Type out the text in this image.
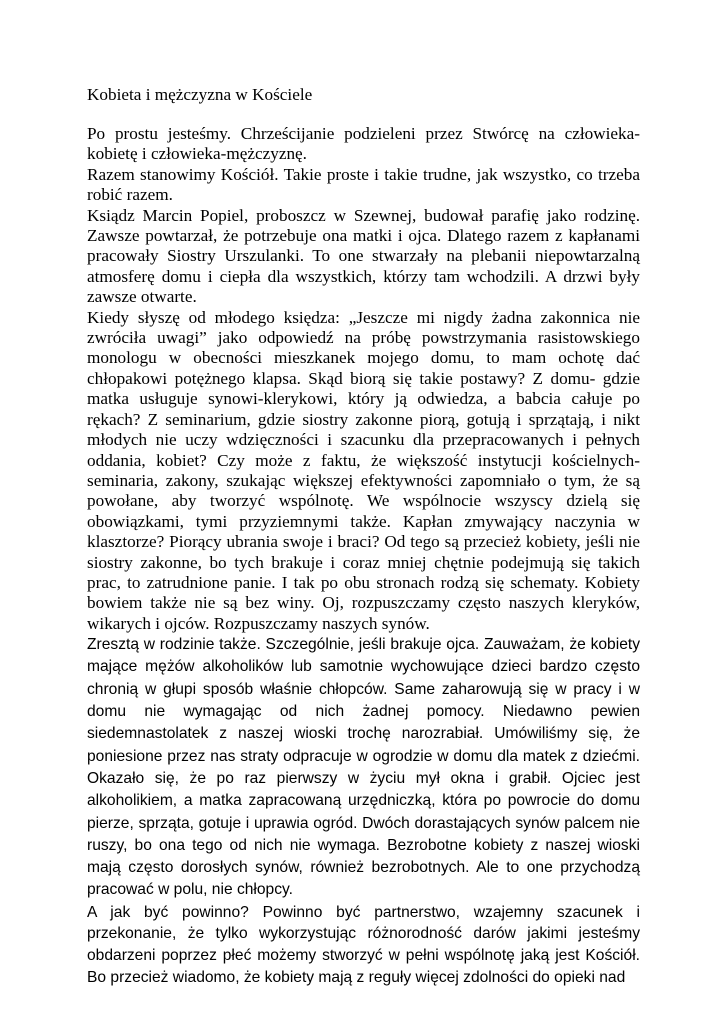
Kobieta i mężczyzna w Kościele

Po prostu jesteśmy. Chrześcijanie podzieleni przez Stwórcę na człowieka-kobietę i człowieka-mężczyznę.

Razem stanowimy Kościół. Takie proste i takie trudne, jak wszystko, co trzeba robić razem.

Ksiądz Marcin Popiel, proboszcz w Szewnej, budował parafię jako rodzinę. Zawsze powtarzał, że potrzebuje ona matki i ojca. Dlatego razem z kapłanami pracowały Siostry Urszulanki. To one stwarzały na plebanii niepowtarzalną atmosferę domu i ciepła dla wszystkich, którzy tam wchodzili. A drzwi były zawsze otwarte.

Kiedy słyszę od młodego księdza: „Jeszcze mi nigdy żadna zakonnica nie zwróciła uwagi” jako odpowiedź na próbę powstrzymania rasistowskiego monologu w obecności mieszkanek mojego domu, to mam ochotę dać chłopakowi potężnego klapsa. Skąd biorą się takie postawy? Z domu- gdzie matka usługuje synowi-klerykowi, który ją odwiedza, a babcia całuje po rękach? Z seminarium, gdzie siostry zakonne piorą, gotują i sprzątają, i nikt młodych nie uczy wdzięczności i szacunku dla przepracowanych i pełnych oddania, kobiet? Czy może z faktu, że większość instytucji kościelnych- seminaria, zakony, szukając większej efektywności zapomniało o tym, że są powołane, aby tworzyć wspólnotę. We wspólnocie wszyscy dzielą się obowiązkami, tymi przyziemnymi także. Kapłan zmywający naczynia w klasztorze? Piorący ubrania swoje i braci? Od tego są przecież kobiety, jeśli nie siostry zakonne, bo tych brakuje i coraz mniej chętnie podejmują się takich prac, to zatrudnione panie. I tak po obu stronach rodzą się schematy. Kobiety bowiem także nie są bez winy. Oj, rozpuszczamy często naszych kleryków, wikarych i ojców. Rozpuszczamy naszych synów.

Zresztą w rodzinie także. Szczególnie, jeśli brakuje ojca. Zauważam, że kobiety mające mężów alkoholików lub samotnie wychowujące dzieci bardzo często chronią w głupi sposób właśnie chłopców. Same zaharowują się w pracy i w domu nie wymagając od nich żadnej pomocy. Niedawno pewien siedemnastolatek z naszej wioski trochę narozrabiał. Umówiliśmy się, że poniesione przez nas straty odpracuje w ogrodzie w domu dla matek z dziećmi. Okazało się, że po raz pierwszy w życiu mył okna i grabił. Ojciec jest alkoholikiem, a matka zapracowaną urzędniczką, która po powrocie do domu pierze, sprząta, gotuje i uprawia ogród. Dwóch dorastających synów palcem nie ruszy, bo ona tego od nich nie wymaga. Bezrobotne kobiety z naszej wioski mają często dorosłych synów, również bezrobotnych. Ale to one przychodzą pracować w polu, nie chłopcy.

A jak być powinno? Powinno być partnerstwo, wzajemny szacunek i przekonanie, że tylko wykorzystując różnorodność darów jakimi jesteśmy obdarzeni poprzez płeć możemy stworzyć w pełni wspólnotę jaką jest Kościół. Bo przecież wiadomo, że kobiety mają z reguły więcej zdolności do opieki nad
